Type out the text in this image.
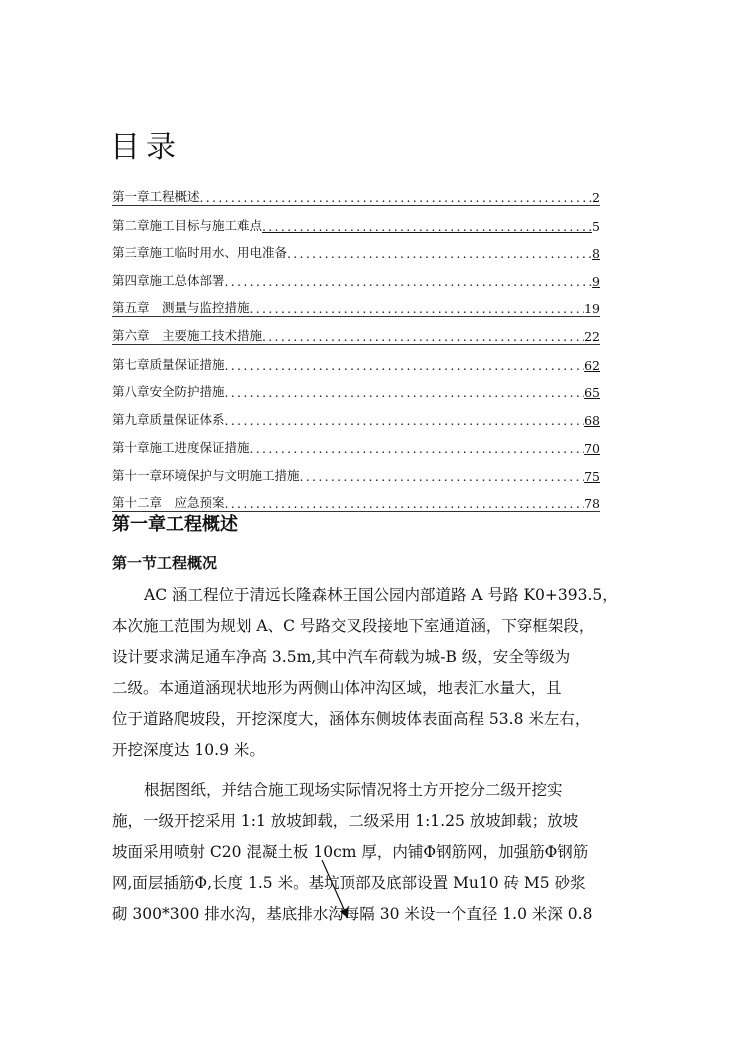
目录
第一章工程概述 .....	2
第二章施工目标与施工难点 .....	5
第三章施工临时用水、用电准备 .....	8
第四章施工总体部署 .....	9
第五章　测量与监控措施 .....	19
第六章　主要施工技术措施 .....	22
第七章质量保证措施 .....	62
第八章安全防护措施 .....	65
第九章质量保证体系 .....	68
第十章施工进度保证措施 .....	70
第十一章环境保护与文明施工措施 .....	75
第十二章　应急预案 .....	78
第一章工程概述
第一节工程概况
AC 涵工程位于清远长隆森林王国公园内部道路 A 号路 K0+393.5，
本次施工范围为规划 A、C 号路交叉段接地下室通道涵，下穿框架段，
设计要求满足通车净高 3.5m,其中汽车荷载为城-B 级，安全等级为
二级。本通道涵现状地形为两侧山体冲沟区域，地表汇水量大，且
位于道路爬坡段，开挖深度大，涵体东侧坡体表面高程 53.8 米左右，
开挖深度达 10.9 米。
根据图纸，并结合施工现场实际情况将土方开挖分二级开挖实
施，一级开挖采用 1:1 放坡卸载，二级采用 1:1.25 放坡卸载；放坡
坡面采用喷射 C20 混凝土板 10cm 厚，内铺Φ钢筋网，加强筋Φ钢筋
网,面层插筋Φ,长度 1.5 米。基坑顶部及底部设置 Mu10 砖 M5 砂浆
砌 300*300 排水沟，基底排水沟每隔 30 米设一个直径 1.0 米深 0.8
